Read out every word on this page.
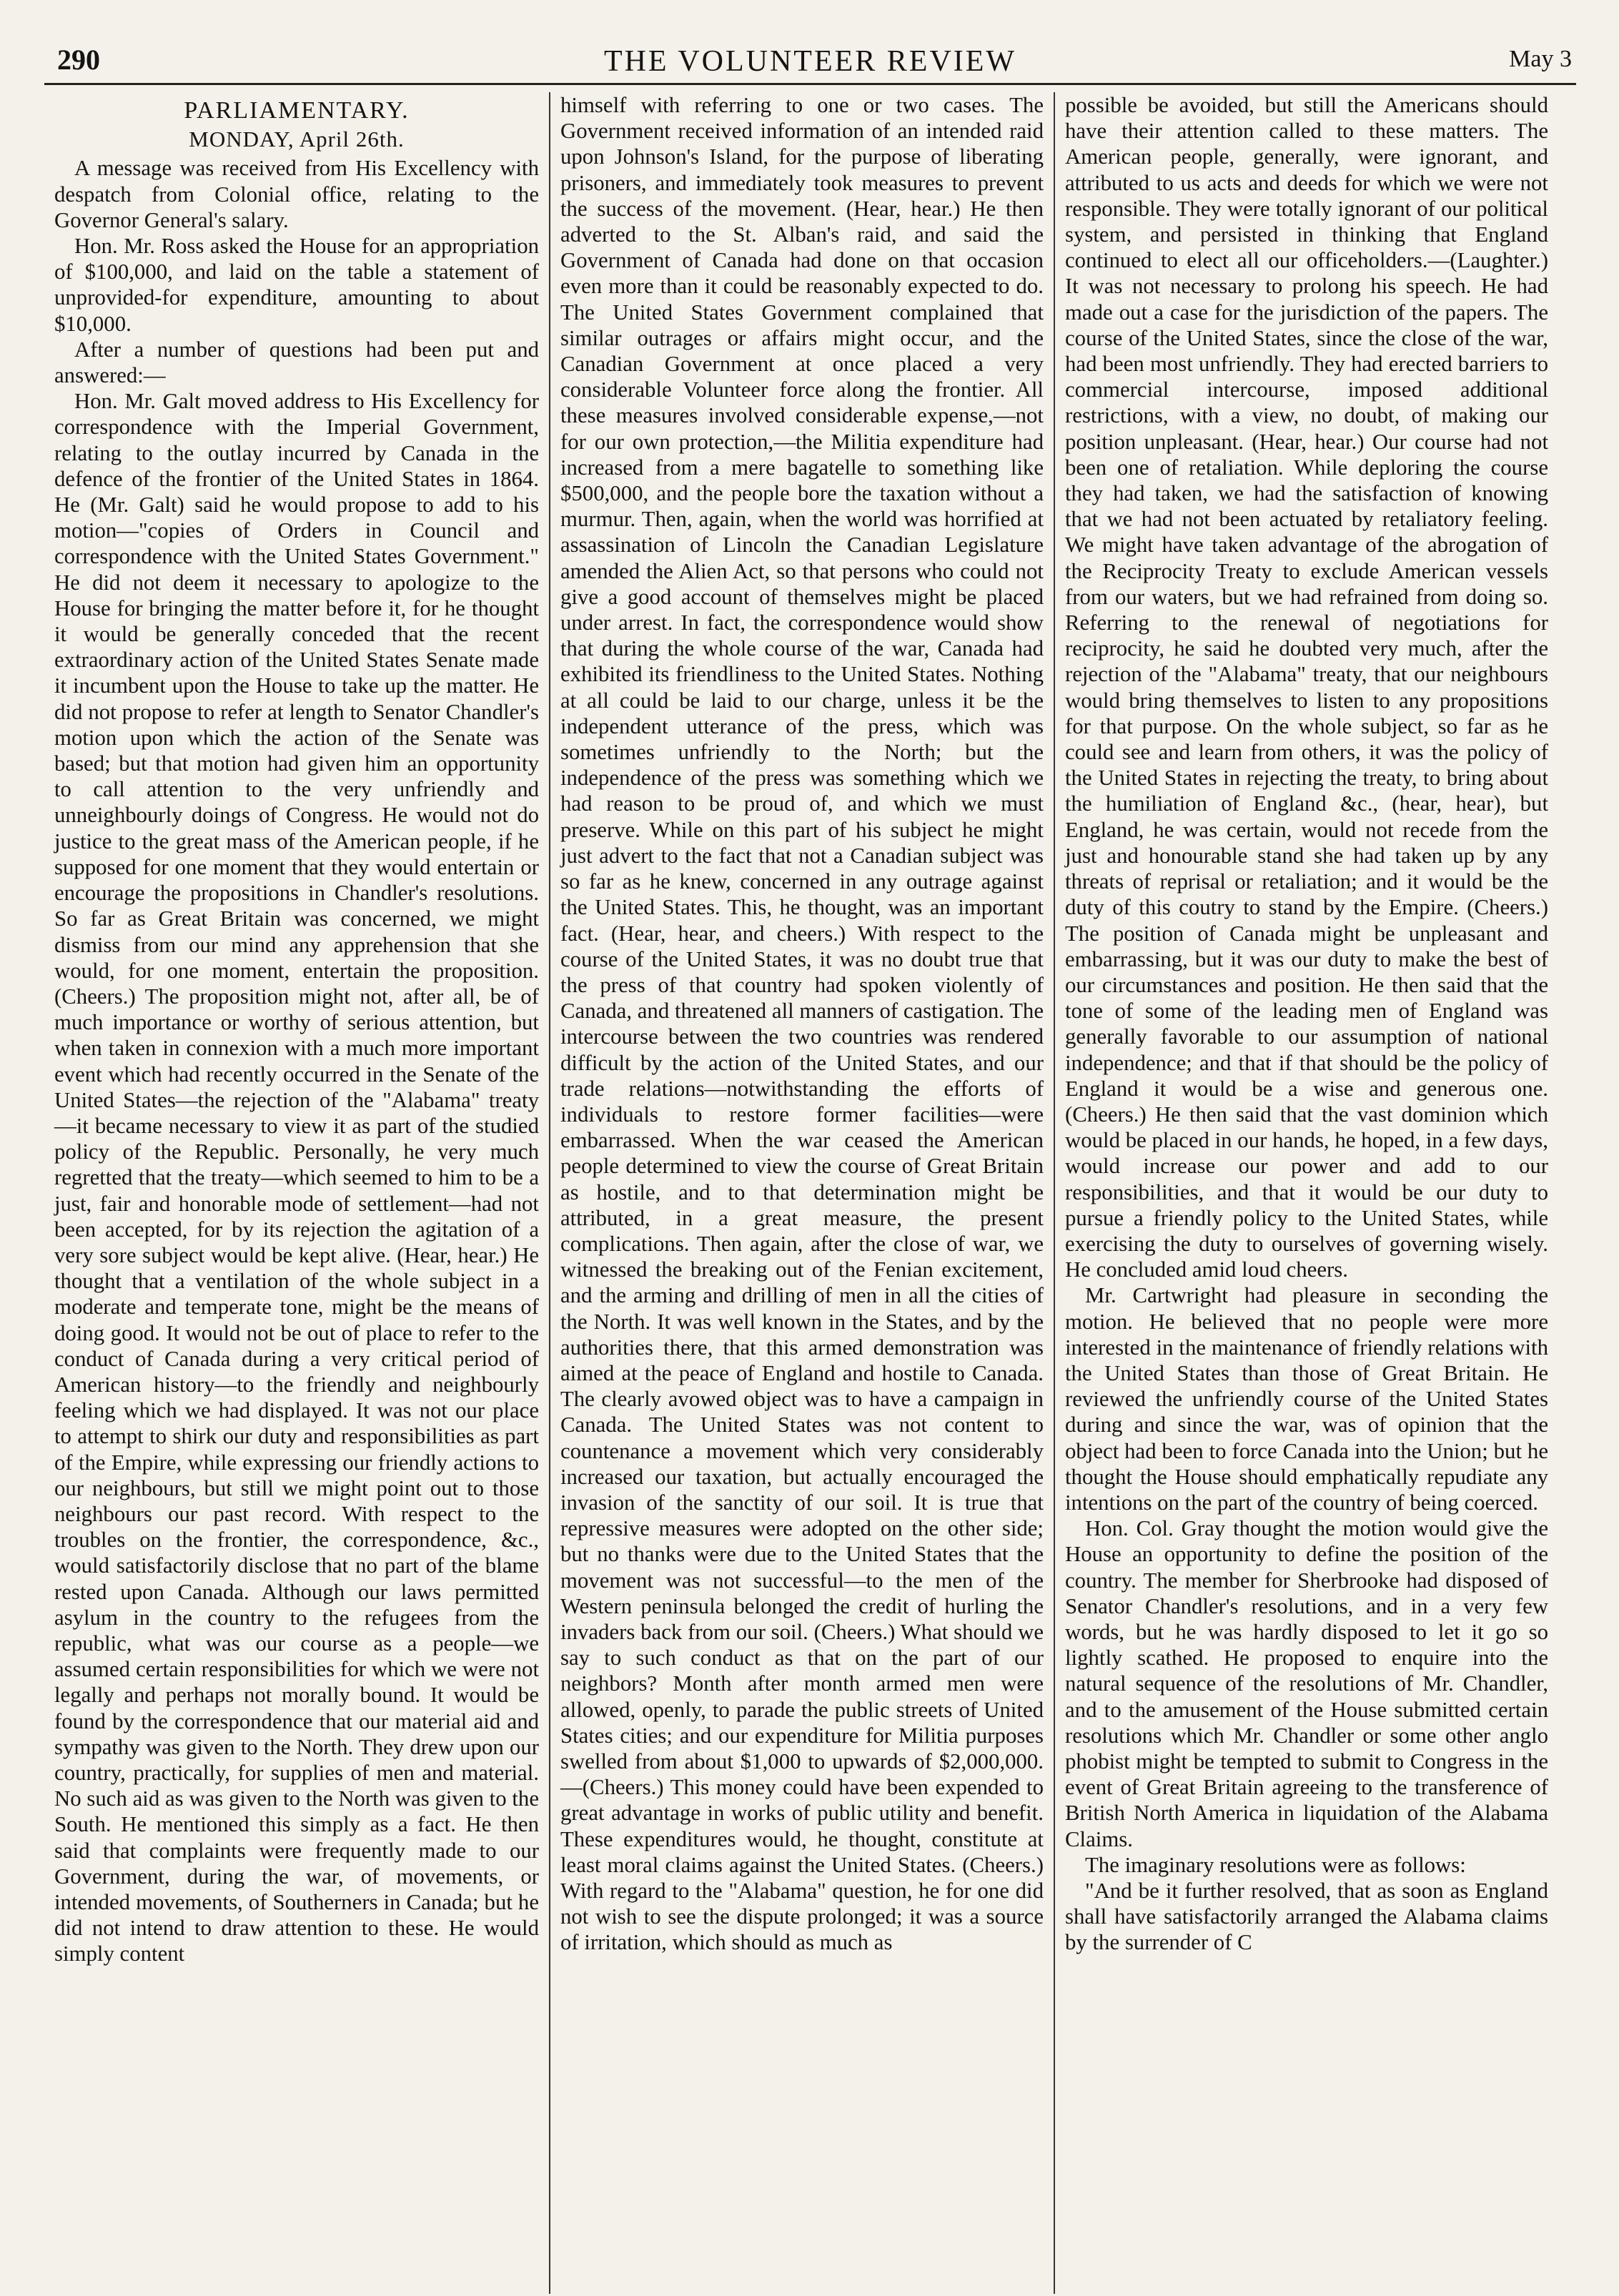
290	THE VOLUNTEER REVIEW	May 3

PARLIAMENTARY.

MONDAY, April 26th.

A message was received from His Excellency with despatch from Colonial office, relating to the Governor General's salary.

Hon. Mr. Ross asked the House for an appropriation of $100,000, and laid on the table a statement of unprovided-for expenditure, amounting to about $10,000.

After a number of questions had been put and answered:—

Hon. Mr. Galt moved address to His Excellency for correspondence with the Imperial Government, relating to the outlay incurred by Canada in the defence of the frontier of the United States in 1864. He (Mr. Galt) said he would propose to add to his motion—"copies of Orders in Council and correspondence with the United States Government." He did not deem it necessary to apologize to the House for bringing the matter before it, for he thought it would be generally conceded that the recent extraordinary action of the United States Senate made it incumbent upon the House to take up the matter. He did not propose to refer at length to Senator Chandler's motion upon which the action of the Senate was based; but that motion had given him an opportunity to call attention to the very unfriendly and unneighbourly doings of Congress. He would not do justice to the great mass of the American people, if he supposed for one moment that they would entertain or encourage the propositions in Chandler's resolutions. So far as Great Britain was concerned, we might dismiss from our mind any apprehension that she would, for one moment, entertain the proposition. (Cheers.) The proposition might not, after all, be of much importance or worthy of serious attention, but when taken in connexion with a much more important event which had recently occurred in the Senate of the United States—the rejection of the "Alabama" treaty—it became necessary to view it as part of the studied policy of the Republic. Personally, he very much regretted that the treaty—which seemed to him to be a just, fair and honorable mode of settlement—had not been accepted, for by its rejection the agitation of a very sore subject would be kept alive. (Hear, hear.) He thought that a ventilation of the whole subject in a moderate and temperate tone, might be the means of doing good. It would not be out of place to refer to the conduct of Canada during a very critical period of American history—to the friendly and neighbourly feeling which we had displayed. It was not our place to attempt to shirk our duty and responsibilities as part of the Empire, while expressing our friendly actions to our neighbours, but still we might point out to those neighbours our past record. With respect to the troubles on the frontier, the correspondence, &c., would satisfactorily disclose that no part of the blame rested upon Canada. Although our laws permitted asylum in the country to the refugees from the republic, what was our course as a people—we assumed certain responsibilities for which we were not legally and perhaps not morally bound. It would be found by the correspondence that our material aid and sympathy was given to the North. They drew upon our country, practically, for supplies of men and material. No such aid as was given to the North was given to the South. He mentioned this simply as a fact. He then said that complaints were frequently made to our Government, during the war, of movements, or intended movements, of Southerners in Canada; but he did not intend to draw attention to these. He would simply content

himself with referring to one or two cases. The Government received information of an intended raid upon Johnson's Island, for the purpose of liberating prisoners, and immediately took measures to prevent the success of the movement. (Hear, hear.) He then adverted to the St. Alban's raid, and said the Government of Canada had done on that occasion even more than it could be reasonably expected to do. The United States Government complained that similar outrages or affairs might occur, and the Canadian Government at once placed a very considerable Volunteer force along the frontier. All these measures involved considerable expense,—not for our own protection,—the Militia expenditure had increased from a mere bagatelle to something like $500,000, and the people bore the taxation without a murmur. Then, again, when the world was horrified at assassination of Lincoln the Canadian Legislature amended the Alien Act, so that persons who could not give a good account of themselves might be placed under arrest. In fact, the correspondence would show that during the whole course of the war, Canada had exhibited its friendliness to the United States. Nothing at all could be laid to our charge, unless it be the independent utterance of the press, which was sometimes unfriendly to the North; but the independence of the press was something which we had reason to be proud of, and which we must preserve. While on this part of his subject he might just advert to the fact that not a Canadian subject was so far as he knew, concerned in any outrage against the United States. This, he thought, was an important fact. (Hear, hear, and cheers.) With respect to the course of the United States, it was no doubt true that the press of that country had spoken violently of Canada, and threatened all manners of castigation. The intercourse between the two countries was rendered difficult by the action of the United States, and our trade relations—notwithstanding the efforts of individuals to restore former facilities—were embarrassed. When the war ceased the American people determined to view the course of Great Britain as hostile, and to that determination might be attributed, in a great measure, the present complications. Then again, after the close of war, we witnessed the breaking out of the Fenian excitement, and the arming and drilling of men in all the cities of the North. It was well known in the States, and by the authorities there, that this armed demonstration was aimed at the peace of England and hostile to Canada. The clearly avowed object was to have a campaign in Canada. The United States was not content to countenance a movement which very considerably increased our taxation, but actually encouraged the invasion of the sanctity of our soil. It is true that repressive measures were adopted on the other side; but no thanks were due to the United States that the movement was not successful—to the men of the Western peninsula belonged the credit of hurling the invaders back from our soil. (Cheers.) What should we say to such conduct as that on the part of our neighbors? Month after month armed men were allowed, openly, to parade the public streets of United States cities; and our expenditure for Militia purposes swelled from about $1,000 to upwards of $2,000,000.—(Cheers.) This money could have been expended to great advantage in works of public utility and benefit. These expenditures would, he thought, constitute at least moral claims against the United States. (Cheers.) With regard to the "Alabama" question, he for one did not wish to see the dispute prolonged; it was a source of irritation, which should as much as

possible be avoided, but still the Americans should have their attention called to these matters. The American people, generally, were ignorant, and attributed to us acts and deeds for which we were not responsible. They were totally ignorant of our political system, and persisted in thinking that England continued to elect all our officeholders.—(Laughter.) It was not necessary to prolong his speech. He had made out a case for the jurisdiction of the papers. The course of the United States, since the close of the war, had been most unfriendly. They had erected barriers to commercial intercourse, imposed additional restrictions, with a view, no doubt, of making our position unpleasant. (Hear, hear.) Our course had not been one of retaliation. While deploring the course they had taken, we had the satisfaction of knowing that we had not been actuated by retaliatory feeling. We might have taken advantage of the abrogation of the Reciprocity Treaty to exclude American vessels from our waters, but we had refrained from doing so. Referring to the renewal of negotiations for reciprocity, he said he doubted very much, after the rejection of the "Alabama" treaty, that our neighbours would bring themselves to listen to any propositions for that purpose. On the whole subject, so far as he could see and learn from others, it was the policy of the United States in rejecting the treaty, to bring about the humiliation of England &c., (hear, hear), but England, he was certain, would not recede from the just and honourable stand she had taken up by any threats of reprisal or retaliation; and it would be the duty of this coutry to stand by the Empire. (Cheers.) The position of Canada might be unpleasant and embarrassing, but it was our duty to make the best of our circumstances and position. He then said that the tone of some of the leading men of England was generally favorable to our assumption of national independence; and that if that should be the policy of England it would be a wise and generous one. (Cheers.) He then said that the vast dominion which would be placed in our hands, he hoped, in a few days, would increase our power and add to our responsibilities, and that it would be our duty to pursue a friendly policy to the United States, while exercising the duty to ourselves of governing wisely. He concluded amid loud cheers.

Mr. Cartwright had pleasure in seconding the motion. He believed that no people were more interested in the maintenance of friendly relations with the United States than those of Great Britain. He reviewed the unfriendly course of the United States during and since the war, was of opinion that the object had been to force Canada into the Union; but he thought the House should emphatically repudiate any intentions on the part of the country of being coerced.

Hon. Col. Gray thought the motion would give the House an opportunity to define the position of the country. The member for Sherbrooke had disposed of Senator Chandler's resolutions, and in a very few words, but he was hardly disposed to let it go so lightly scathed. He proposed to enquire into the natural sequence of the resolutions of Mr. Chandler, and to the amusement of the House submitted certain resolutions which Mr. Chandler or some other anglo phobist might be tempted to submit to Congress in the event of Great Britain agreeing to the transference of British North America in liquidation of the Alabama Claims.

The imaginary resolutions were as follows:

"And be it further resolved, that as soon as England shall have satisfactorily arranged the Alabama claims by the surrender of C
